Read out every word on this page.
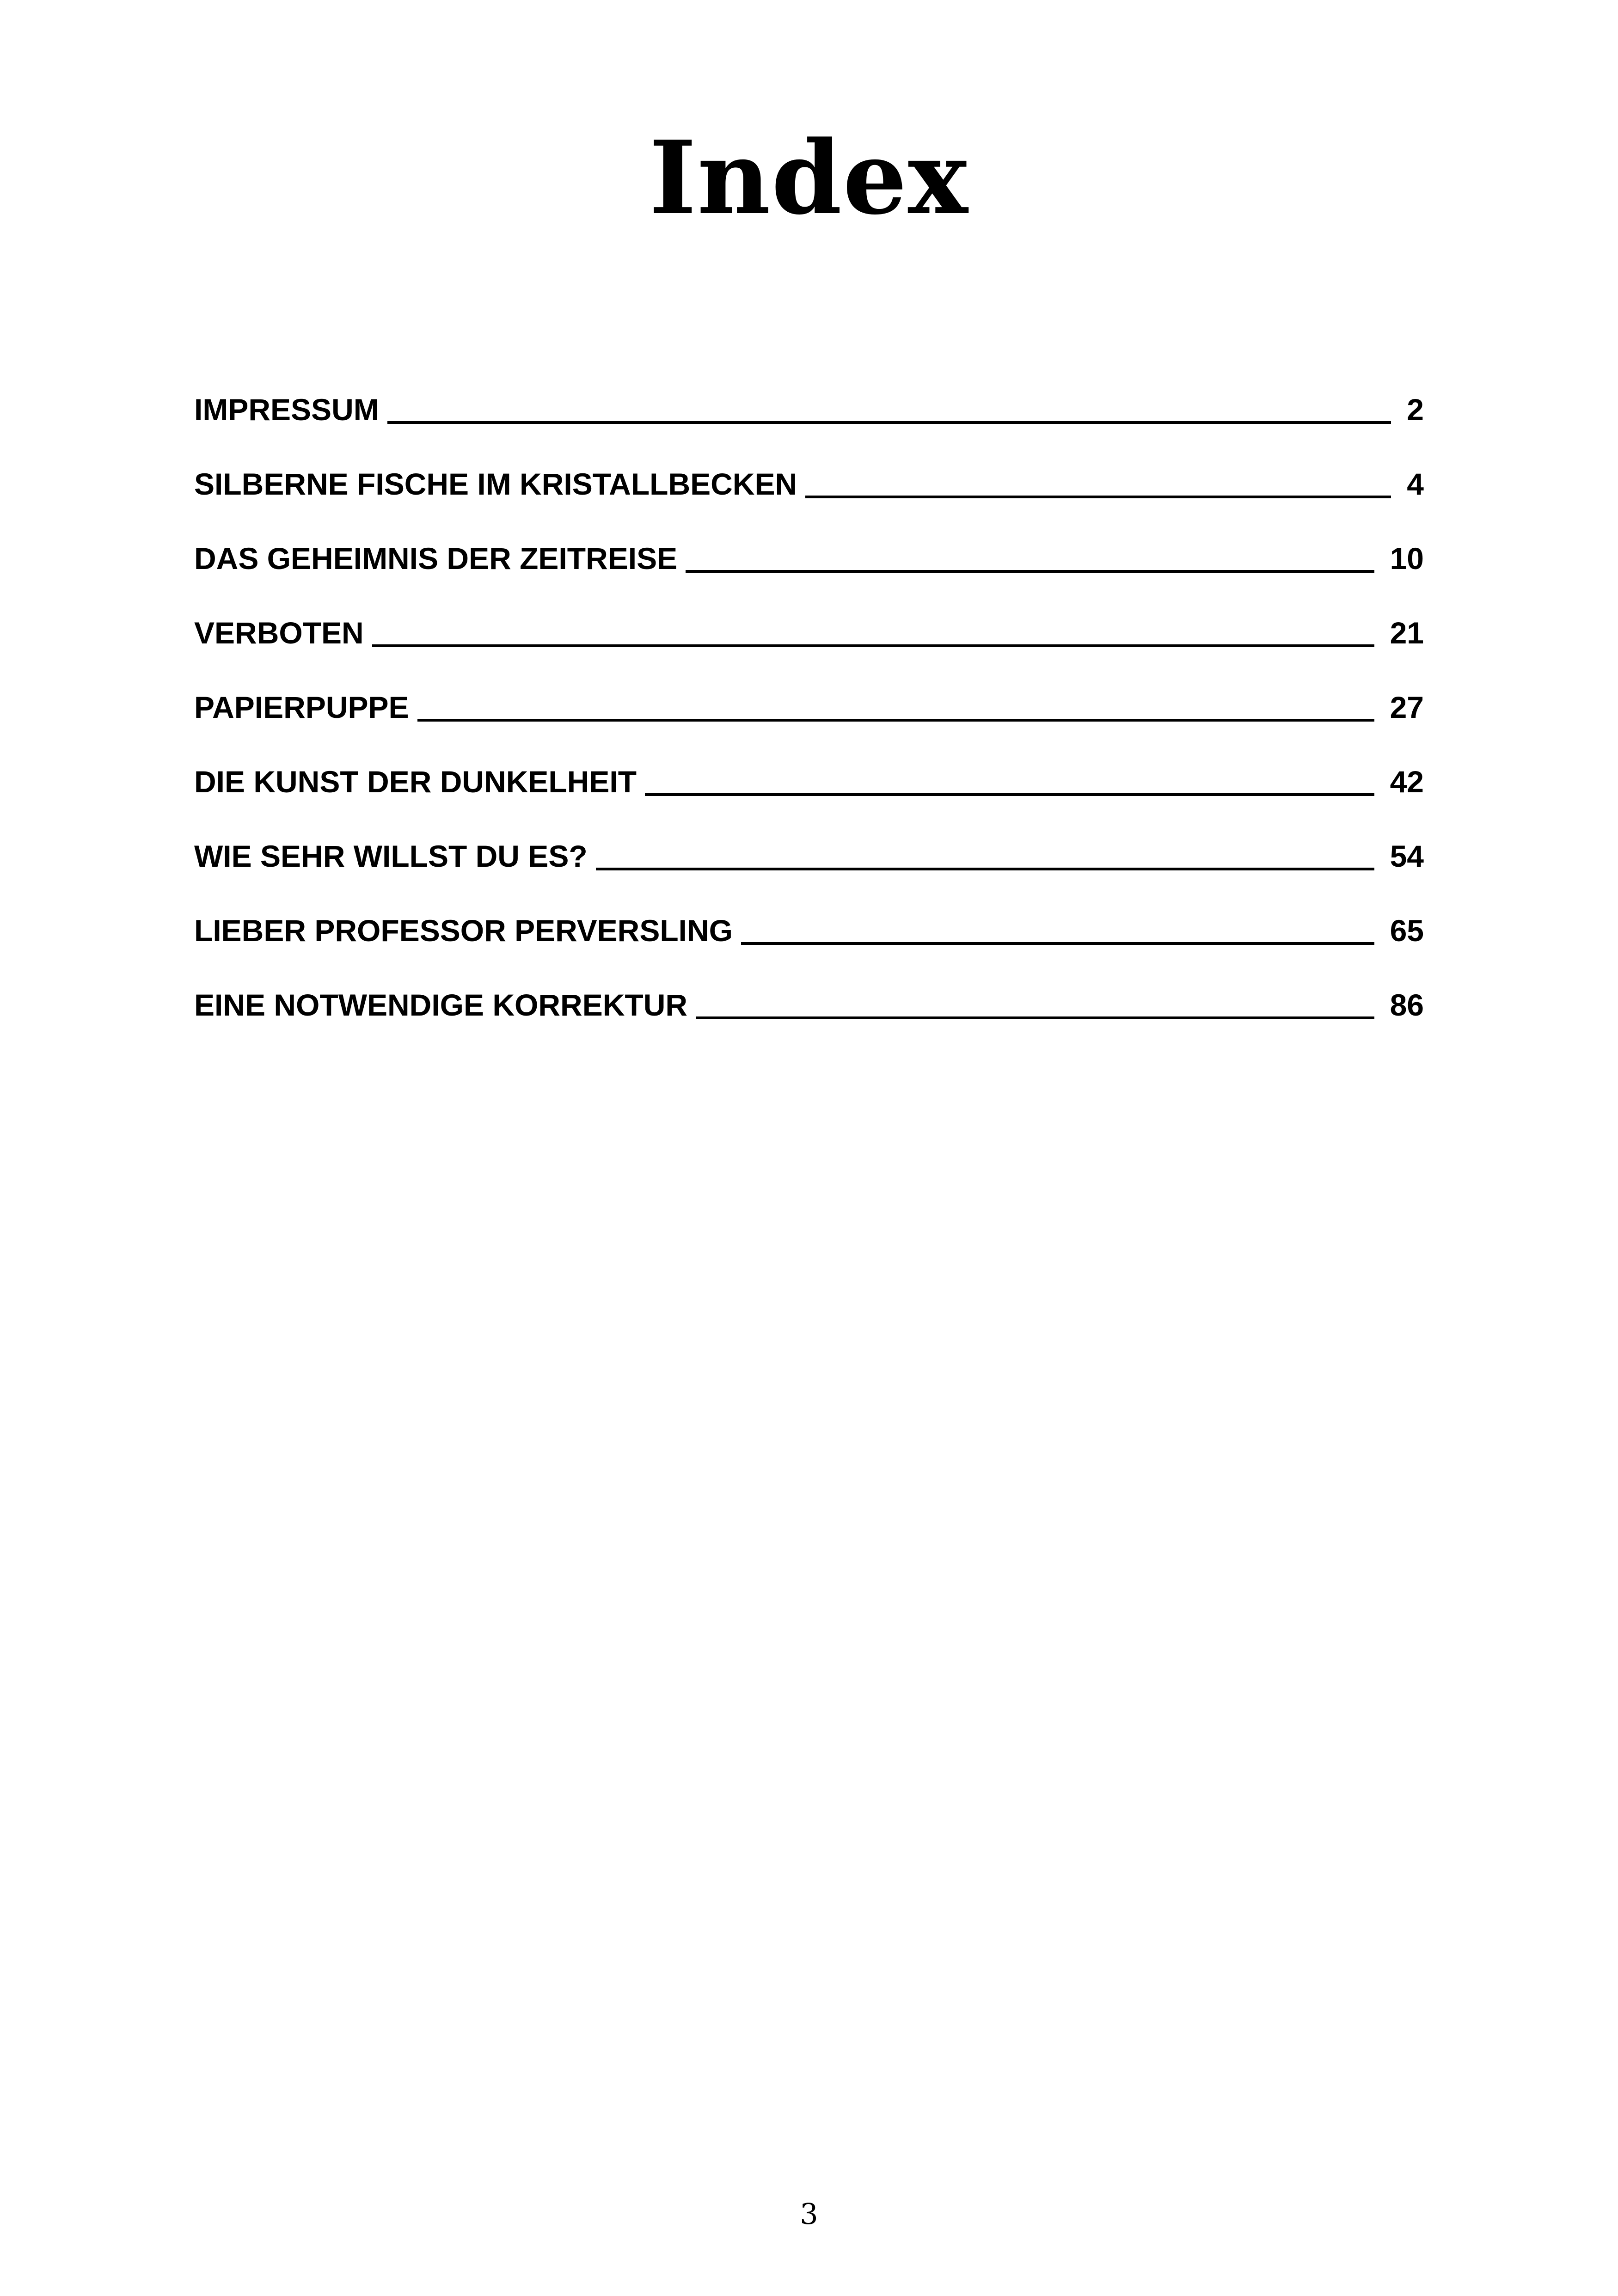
Index
IMPRESSUM	2
SILBERNE FISCHE IM KRISTALLBECKEN	4
DAS GEHEIMNIS DER ZEITREISE	10
VERBOTEN	21
PAPIERPUPPE	27
DIE KUNST DER DUNKELHEIT	42
WIE SEHR WILLST DU ES?	54
LIEBER PROFESSOR PERVERSLING	65
EINE NOTWENDIGE KORREKTUR	86
3
